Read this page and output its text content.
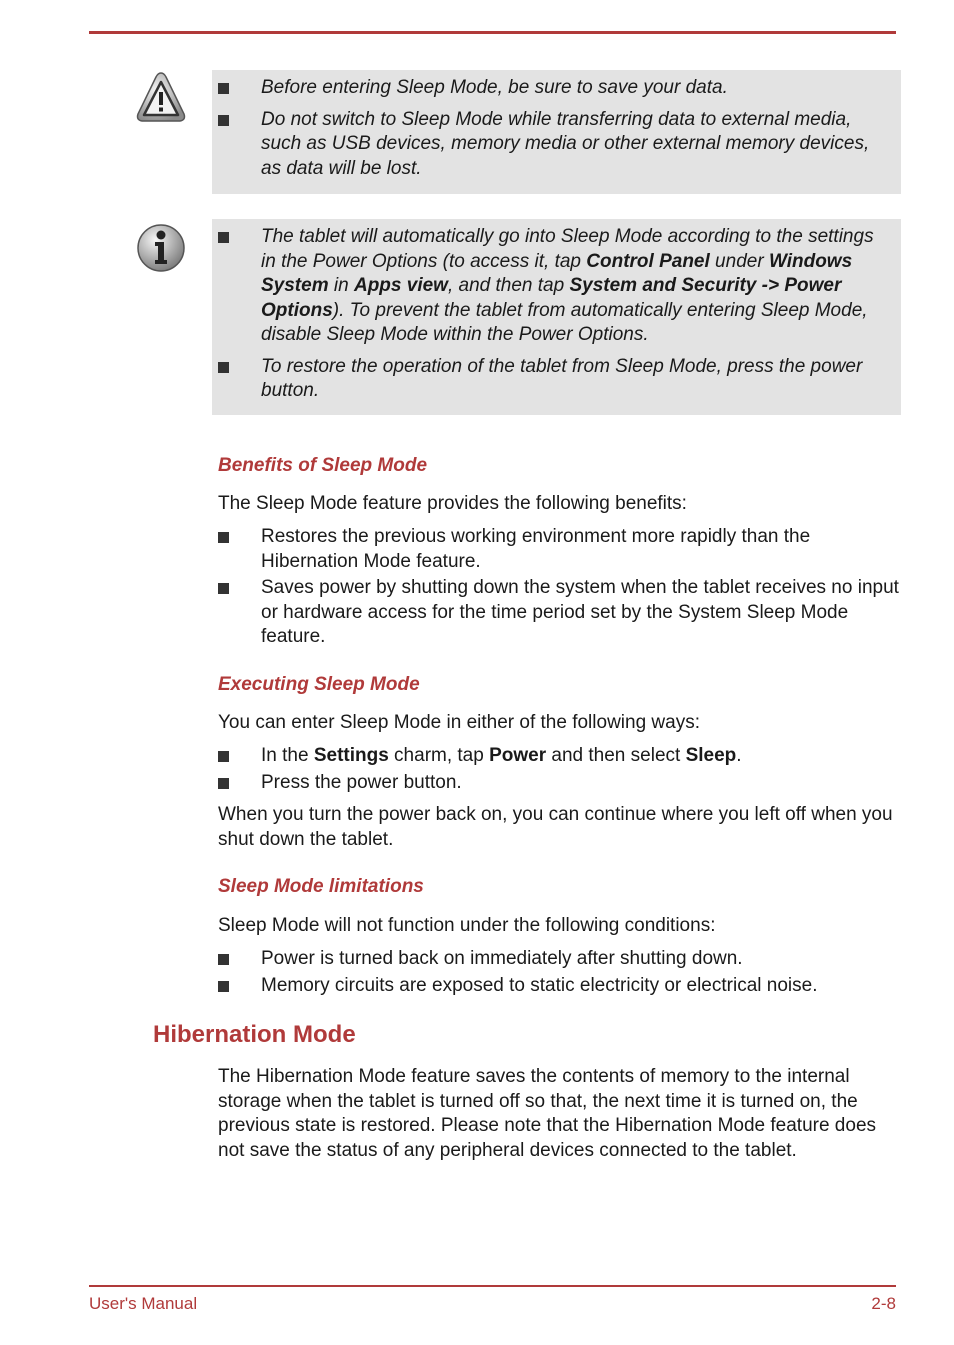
Before entering Sleep Mode, be sure to save your data.
Do not switch to Sleep Mode while transferring data to external media, such as USB devices, memory media or other external memory devices, as data will be lost.
The tablet will automatically go into Sleep Mode according to the settings in the Power Options (to access it, tap Control Panel under Windows System in Apps view, and then tap System and Security -> Power Options). To prevent the tablet from automatically entering Sleep Mode, disable Sleep Mode within the Power Options.
To restore the operation of the tablet from Sleep Mode, press the power button.
Benefits of Sleep Mode

The Sleep Mode feature provides the following benefits:

Restores the previous working environment more rapidly than the Hibernation Mode feature.
Saves power by shutting down the system when the tablet receives no input or hardware access for the time period set by the System Sleep Mode feature.
Executing Sleep Mode

You can enter Sleep Mode in either of the following ways:

In the Settings charm, tap Power and then select Sleep.
Press the power button.

When you turn the power back on, you can continue where you left off when you shut down the tablet.

Sleep Mode limitations

Sleep Mode will not function under the following conditions:

Power is turned back on immediately after shutting down.
Memory circuits are exposed to static electricity or electrical noise.
Hibernation Mode

The Hibernation Mode feature saves the contents of memory to the internal storage when the tablet is turned off so that, the next time it is turned on, the previous state is restored. Please note that the Hibernation Mode feature does not save the status of any peripheral devices connected to the tablet.

User's Manual	2-8
